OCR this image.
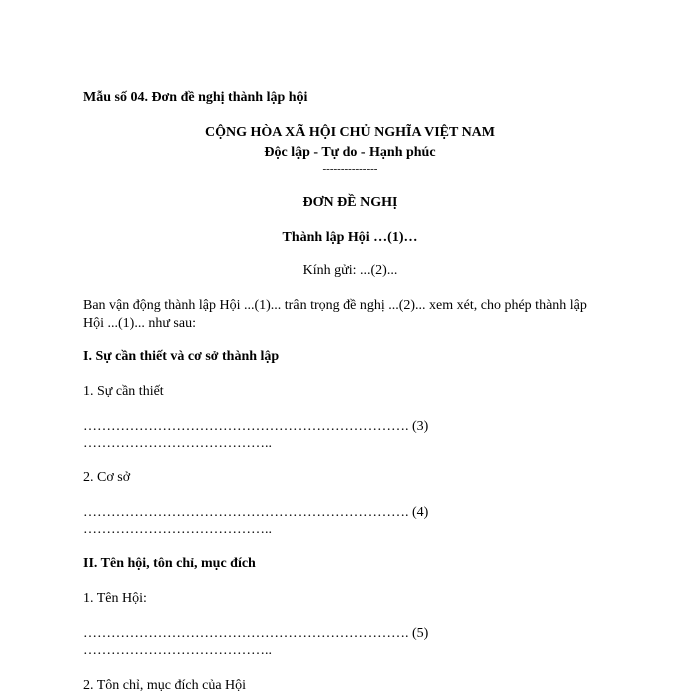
Mẫu số 04. Đơn đề nghị thành lập hội
CỘNG HÒA XÃ HỘI CHỦ NGHĨA VIỆT NAM
Độc lập - Tự do - Hạnh phúc
---------------
ĐƠN ĐỀ NGHỊ
Thành lập Hội …(1)…
Kính gửi: ...(2)...
Ban vận động thành lập Hội ...(1)... trân trọng đề nghị ...(2)... xem xét, cho phép thành lập
Hội ...(1)... như sau:
I. Sự cần thiết và cơ sở thành lập
1. Sự cần thiết
……………………………………………………………. (3)
…………………………………..
2. Cơ sở
……………………………………………………………. (4)
…………………………………..
II. Tên hội, tôn chỉ, mục đích
1. Tên Hội:
……………………………………………………………. (5)
…………………………………..
2. Tôn chỉ, mục đích của Hội
